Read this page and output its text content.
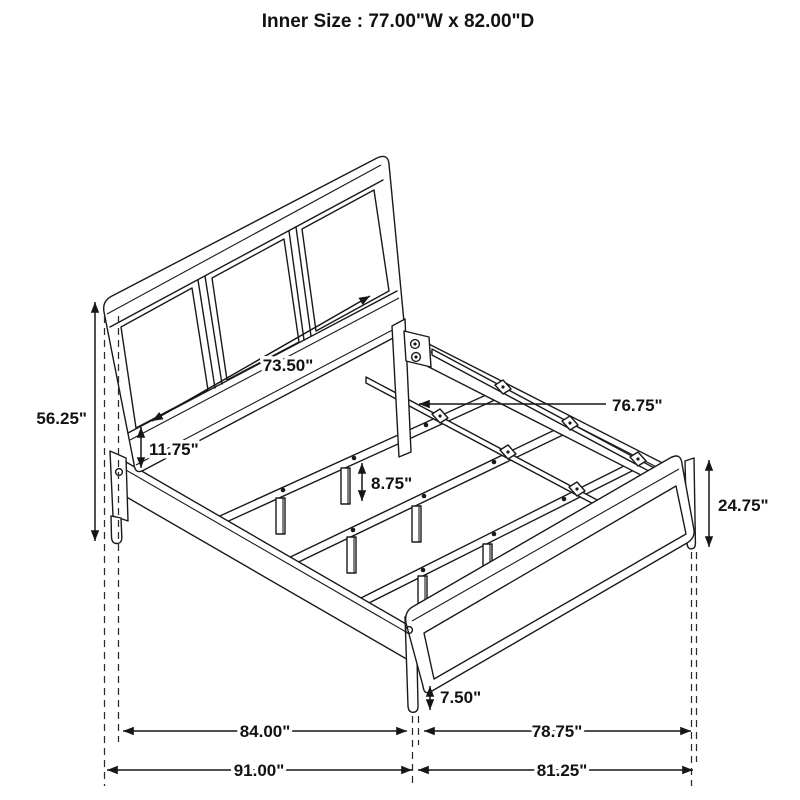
56.25"
11.75"
73.50"
76.75"
8.75"
24.75"
7.50"
84.00"	78.75"
91.00"	81.25"
Inner Size : 77.00"W x 82.00"D
